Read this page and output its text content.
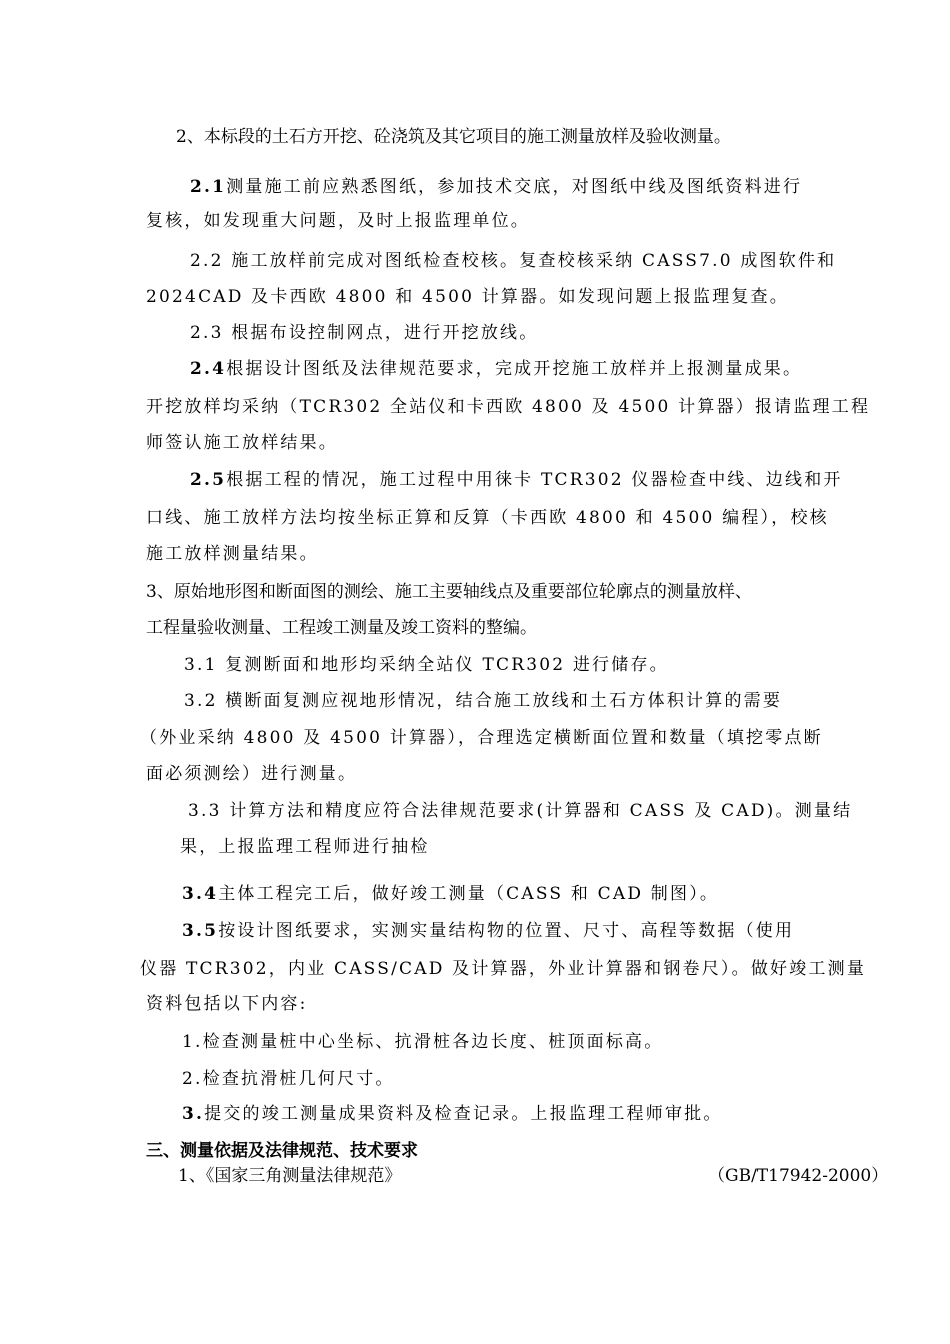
2、本标段的土石方开挖、砼浇筑及其它项目的施工测量放样及验收测量。
2.1测量施工前应熟悉图纸，参加技术交底，对图纸中线及图纸资料进行
复核，如发现重大问题，及时上报监理单位。
2.2 施工放样前完成对图纸检查校核。复查校核采纳 CASS7.0 成图软件和
2024CAD 及卡西欧 4800 和 4500 计算器。如发现问题上报监理复查。
2.3 根据布设控制网点，进行开挖放线。
2.4根据设计图纸及法律规范要求，完成开挖施工放样并上报测量成果。
开挖放样均采纳（TCR302 全站仪和卡西欧 4800 及 4500 计算器）报请监理工程
师签认施工放样结果。
2.5根据工程的情况，施工过程中用徕卡 TCR302 仪器检查中线、边线和开
口线、施工放样方法均按坐标正算和反算（卡西欧 4800 和 4500 编程），校核
施工放样测量结果。
3、原始地形图和断面图的测绘、施工主要轴线点及重要部位轮廓点的测量放样、
工程量验收测量、工程竣工测量及竣工资料的整编。
3.1 复测断面和地形均采纳全站仪 TCR302 进行储存。
3.2 横断面复测应视地形情况，结合施工放线和土石方体积计算的需要
（外业采纳 4800 及 4500 计算器），合理选定横断面位置和数量（填挖零点断
面必须测绘）进行测量。
3.3 计算方法和精度应符合法律规范要求(计算器和 CASS 及 CAD)。测量结
果，上报监理工程师进行抽检
3.4主体工程完工后，做好竣工测量（CASS 和 CAD 制图）。
3.5按设计图纸要求，实测实量结构物的位置、尺寸、高程等数据（使用
仪器 TCR302，内业 CASS/CAD 及计算器，外业计算器和钢卷尺）。做好竣工测量
资料包括以下内容:
1.检查测量桩中心坐标、抗滑桩各边长度、桩顶面标高。
2.检查抗滑桩几何尺寸。
3.提交的竣工测量成果资料及检查记录。上报监理工程师审批。
三、测量依据及法律规范、技术要求
1、《国家三角测量法律规范》	（GB/T17942-2000）
